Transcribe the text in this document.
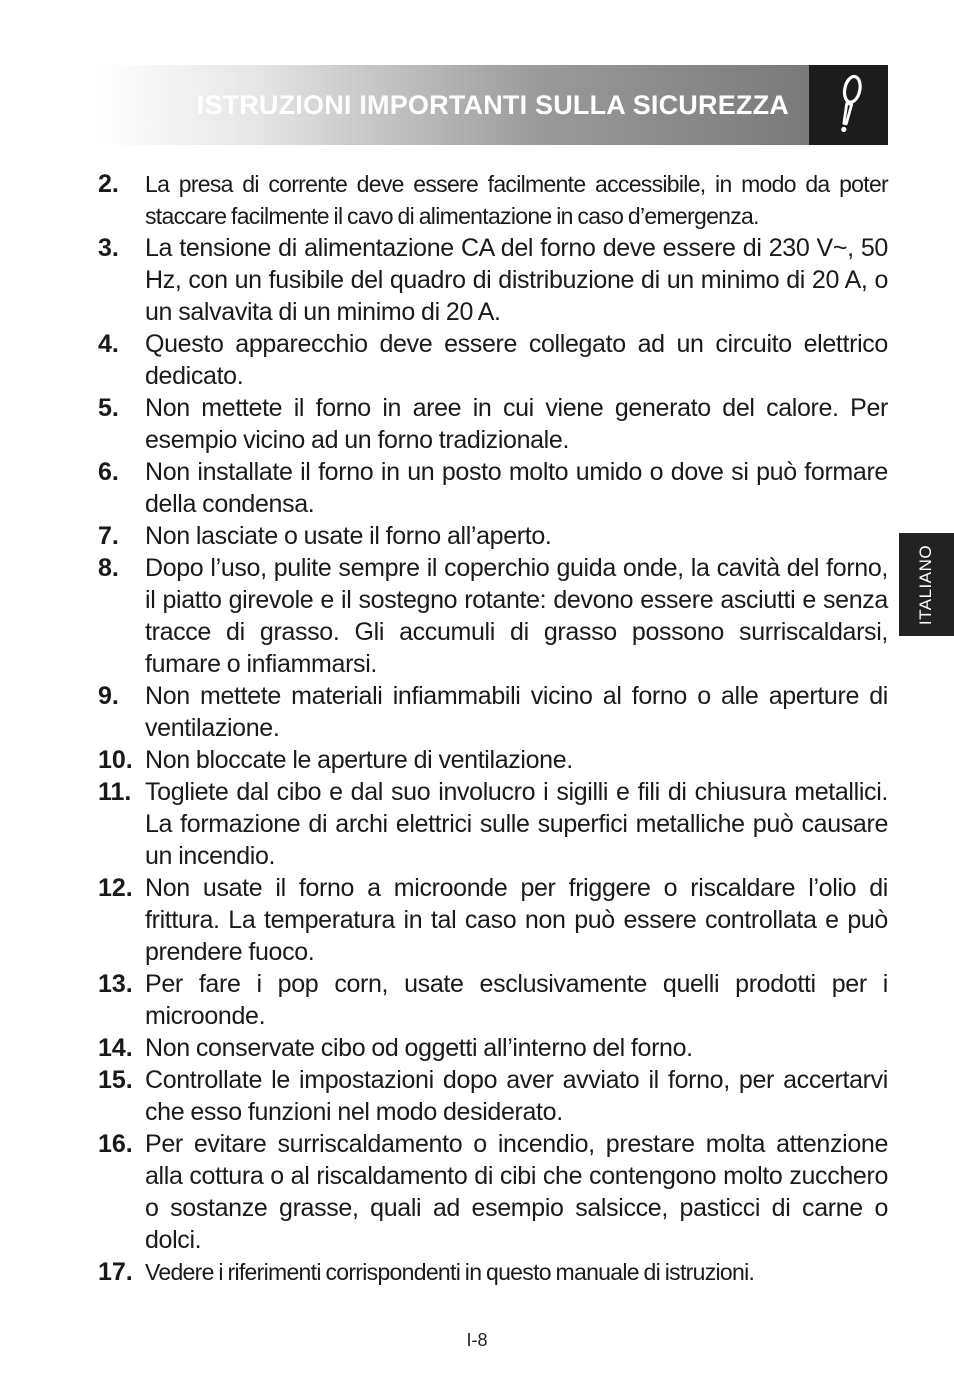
ISTRUZIONI IMPORTANTI SULLA SICUREZZA
2.	La presa di corrente deve essere facilmente accessibile, in modo da poter staccare facilmente il cavo di alimentazione in caso d’emergenza.
3.	La tensione di alimentazione CA del forno deve essere di 230 V~, 50 Hz, con un fusibile del quadro di distribuzione di un minimo di 20 A, o un salvavita di un minimo di 20 A.
4.	Questo apparecchio deve essere collegato ad un circuito elettrico dedicato.
5.	Non mettete il forno in aree in cui viene generato del calore. Per esempio vicino ad un forno tradizionale.
6.	Non installate il forno in un posto molto umido o dove si può formare della condensa.
7.	Non lasciate o usate il forno all’aperto.
8.	Dopo l’uso, pulite sempre il coperchio guida onde, la cavità del forno, il piatto girevole e il sostegno rotante: devono essere asciutti e senza tracce di grasso. Gli accumuli di grasso possono surriscaldarsi, fumare o infiammarsi.
9.	Non mettete materiali infiammabili vicino al forno o alle aperture di ventilazione.
10. Non bloccate le aperture di ventilazione.
11. Togliete dal cibo e dal suo involucro i sigilli e fili di chiusura metallici. La formazione di archi elettrici sulle superfici metalliche può causare un incendio.
12. Non usate il forno a microonde per friggere o riscaldare l’olio di frittura. La temperatura in tal caso non può essere controllata e può prendere fuoco.
13. Per fare i pop corn, usate esclusivamente quelli prodotti per i microonde.
14. Non conservate cibo od oggetti all’interno del forno.
15. Controllate le impostazioni dopo aver avviato il forno, per accertarvi che esso funzioni nel modo desiderato.
16. Per evitare surriscaldamento o incendio, prestare molta attenzione alla cottura o al riscaldamento di cibi che contengono molto zucchero o sostanze grasse, quali ad esempio salsicce, pasticci di carne o dolci.
17. Vedere i riferimenti corrispondenti in questo manuale di istruzioni.
ITALIANO
I-8
